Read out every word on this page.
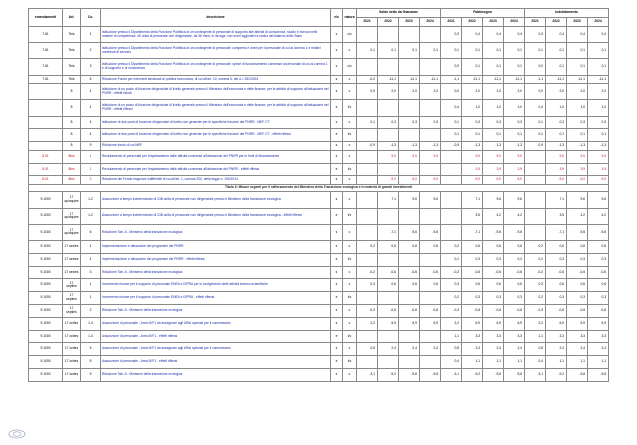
emendamenti	Art.	Co.	descrizione	e/s	natura	Saldo netto da finanziare				Fabbisogno				Indebitamento			
						2021	2022	2023	2024	2021	2022	2023	2024	2021	2022	2023	2024
7.61	7bis	1	Istituzione presso il Dipartimento della Funzione Pubblica di un contingente di personale di supporto alle attività di consulenza, studio e ricerca nelle materie di competenza: 45 unità di personale non dirigenziale, da 36 mesi, in deroga, con oneri aggiuntivi a carico del bilancio dello Stato	s	c/c					0,3	0,4	0,4	0,4	0,3	0,4	0,4	0,4
7.61	7bis	2	Istituzione presso il Dipartimento della Funzione Pubblica di un contingente di personale: compensi e oneri per il personale di cui al comma 1 e relativi contributi di servizio	s	c	0,1	0,1	0,1	0,1	0,1	0,1	0,1	0,1	0,1	0,1	0,1	0,1
7.61	7bis	3	Istituzione presso il Dipartimento della Funzione Pubblica di un contingente di personale: spese di funzionamento connesse al personale di cui al comma 1 e di supporto e di consulenza	s	c/c					0,0	0,1	0,1	0,1	0,0	0,1	0,1	0,1
7.61	7bis	6	Riduzione Fondo per interventi strutturali di politica economica, di cui all'art. 10, comma 5, del d.l. 282/2004	s	c	-0,2	-11,1	-11,1	-11,1	-1,1	-11,1	-11,1	-11,1	-1,1	-11,1	-11,1	-11,1
	8	1	Istituzione di un posto di funzione dirigenziale di livello generale presso il Ministero dell'economia e delle finanze, per le attività di supporto all'attuazione del PNRR - effetti fiscali	s	c	0,0	2,0	2,0	2,0	0,0	2,0	2,0	2,0	0,0	2,0	2,0	2,0
	8	1	Istituzione di un posto di funzione dirigenziale di livello generale presso il Ministero dell'economia e delle finanze, per le attività di supporto all'attuazione del PNRR - effetti riflessi	e	t/c					0,4	1,0	1,0	1,0	0,4	1,0	1,0	1,0
	8	4	Istituzione di due posti di funzione dirigenziale di livello non generale per le specifiche funzioni del PNRR - MEF CT	s	c	0,1	0,3	0,3	0,3	0,1	0,3	0,3	0,3	0,1	0,3	0,3	0,3
	8	4	Istituzione di due posti di funzione dirigenziale di livello non generale per le specifiche funzioni del PNRR - MEF CT - effetti riflessi	e	t/c					0,1	0,1	0,1	0,1	0,1	0,1	0,1	0,1
	8	9	Riduzione fondo di cui MEF	s	c	-0,9	-1,3	-1,3	-1,3	-0,9	-1,3	-1,3	-1,3	-0,9	-1,3	-1,3	-1,3
8.01	8bis	1	Reclutamento di personale per l'espletamento delle attività connesse all'attuazione del PNRR per le fonti di finanziamento	s	c		9,0	9,0	9,0		9,0	9,0	9,0		9,0	9,0	9,0
8.01	8bis	1	Reclutamento di personale per l'espletamento delle attività connesse all'attuazione del PNRR - effetti riflessi	e	t/c						3,9	3,9	3,9		3,9	3,9	3,9
8.01	8bis	2	Riduzione del Fondo esigenze indifferibili di cui all'art. 1, comma 200, della legge n. 190/2014	s	c		-9,0	-9,0	-9,0		-9,0	-9,0	-9,0		-9,0	-9,0	-9,0
Titolo II: Misure urgenti per il rafforzamento del Ministero della Transizione ecologica e in materia di grandi investimenti																	
9.1000	17 quinquies	1-2	Assunzione a tempo indeterminato di 238 unità di personale non dirigenziale presso il Ministero della transizione ecologica	s	c		7,1	9,6	9,6		7,1	9,6	9,6		7,1	9,6	9,6
9.1000	17 quinquies	1-2	Assunzione a tempo indeterminato di 238 unità di personale non dirigenziale presso il Ministero della transizione ecologica - effetti riflessi	e	t/c						3,5	4,2	4,2		3,5	4,2	4,2
9.1000	17 quinquies	6	Riduzione Tab. A - Ministero della transizione ecologica	s	c		-7,1	-9,6	-9,6		-7,1	-9,6	-9,6		-7,1	-9,6	-9,6
9.1000	17 sexies	1	Implementazione e attuazione dei programmi del PNRR	s	c	0,2	0,6	0,6	0,6	0,2	0,6	0,6	0,6	0,2	0,6	0,6	0,6
9.1000	17 sexies	1	Implementazione e attuazione dei programmi del PNRR - effetti riflessi	e	t/c					0,1	0,3	0,3	0,3	0,1	0,3	0,3	0,3
9.1000	17 sexies	3	Riduzione Tab. A - Ministero della transizione ecologica	s	c	-0,2	-0,6	-0,6	-0,6	-0,2	-0,6	-0,6	-0,6	-0,2	-0,6	-0,6	-0,6
9.1000	17 septies	1	Incremento risorse per il supporto di personale ENEA e ISPRA per lo svolgimento delle attività tecnico-scientifiche	s	c	0,3	0,6	0,6	0,6	0,3	0,6	0,6	0,6	0,3	0,6	0,6	0,6
9.1000	17 septies	1	Incremento risorse per il supporto di personale ENEA e ISPRA - effetti riflessi	e	t/c					0,2	0,3	0,3	0,3	0,2	0,3	0,3	0,3
9.1000	17 septies	2	Riduzione Tab. A - Ministero della transizione ecologica	s	c	-0,3	-0,6	-0,6	-0,6	-0,3	-0,6	-0,6	-0,6	-0,3	-0,6	-0,6	-0,6
9.1000	17 octies	1-4	Assunzione di personale - Area III/F1 da assegnare agli Uffici speciali per il commissario	s	c	2,2	6,9	6,9	6,9	2,2	6,9	6,9	6,9	2,2	6,9	6,9	6,9
9.1000	17 octies	1-4	Assunzione di personale - Area III/F1 - effetti riflessi	e	t/c					1,1	3,3	3,3	3,3	1,1	3,3	3,3	3,3
9.1000	17 octies	5	Assunzione di personale - Area III/F1 da assegnare agli Uffici speciali per il commissario	s	c	0,8	2,4	2,4	2,4	0,8	2,4	2,4	2,4	0,8	2,4	2,4	2,4
9.1000	17 octies	5	Assunzione di personale - Area III/F1 - effetti riflessi	e	t/c					0,4	1,1	1,1	1,1	0,4	1,1	1,1	1,1
9.1000	17 octies	9	Riduzione Tab. A - Ministero della transizione ecologica	s	c	-3,1	-9,2	-9,6	-9,6	-3,1	-9,2	-9,6	-9,6	-3,1	-9,2	-9,6	-9,6
